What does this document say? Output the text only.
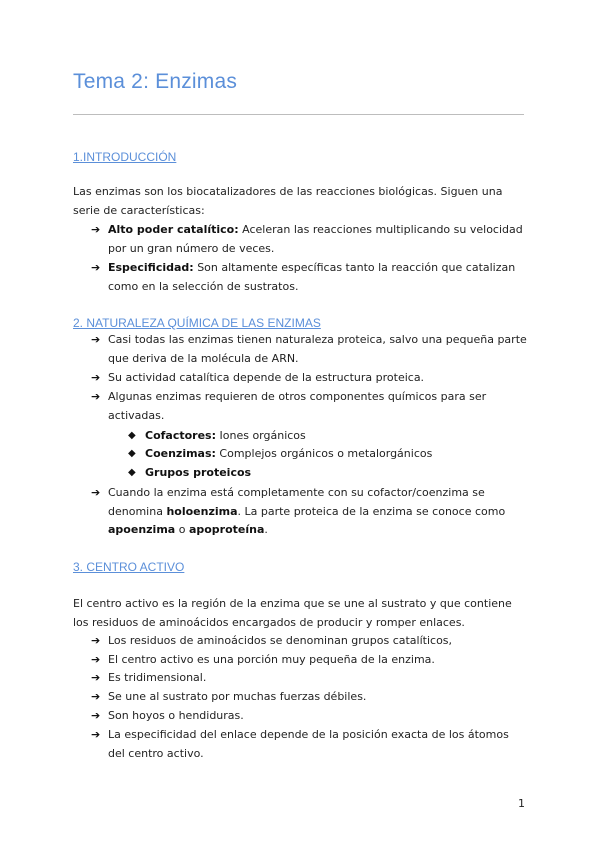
Tema 2: Enzimas
1.INTRODUCCIÓN
Las enzimas son los biocatalizadores de las reacciones biológicas. Siguen una serie de características:
➔ Alto poder catalítico: Aceleran las reacciones multiplicando su velocidad por un gran número de veces.
➔ Especificidad: Son altamente específicas tanto la reacción que catalizan como en la selección de sustratos.
2. NATURALEZA QUÍMICA DE LAS ENZIMAS
➔ Casi todas las enzimas tienen naturaleza proteica, salvo una pequeña parte que deriva de la molécula de ARN.
➔ Su actividad catalítica depende de la estructura proteica.
➔ Algunas enzimas requieren de otros componentes químicos para ser activadas.
◆ Cofactores: Iones orgánicos
◆ Coenzimas: Complejos orgánicos o metalorgánicos
◆ Grupos proteicos
➔ Cuando la enzima está completamente con su cofactor/coenzima se denomina holoenzima. La parte proteica de la enzima se conoce como apoenzima o apoproteína.
3. CENTRO ACTIVO
El centro activo es la región de la enzima que se une al sustrato y que contiene los residuos de aminoácidos encargados de producir y romper enlaces.
➔ Los residuos de aminoácidos se denominan grupos catalíticos,
➔ El centro activo es una porción muy pequeña de la enzima.
➔ Es tridimensional.
➔ Se une al sustrato por muchas fuerzas débiles.
➔ Son hoyos o hendiduras.
➔ La especificidad del enlace depende de la posición exacta de los átomos del centro activo.
1
